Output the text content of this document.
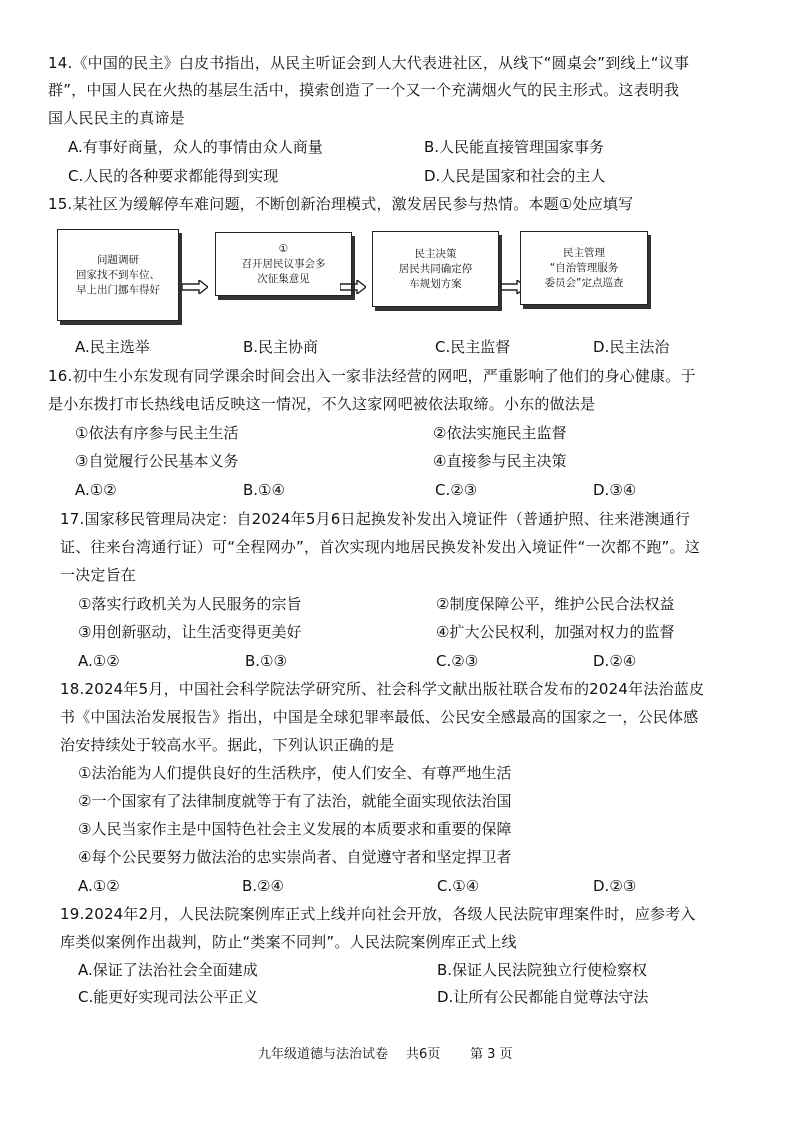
14.《中国的民主》白皮书指出，从民主听证会到人大代表进社区，从线下“圆桌会”到线上“议事
群”，中国人民在火热的基层生活中，摸索创造了一个又一个充满烟火气的民主形式。这表明我
国人民民主的真谛是
A.有事好商量，众人的事情由众人商量	B.人民能直接管理国家事务
C.人民的各种要求都能得到实现	D.人民是国家和社会的主人
15.某社区为缓解停车难问题，不断创新治理模式，激发居民参与热情。本题①处应填写
问题调研
回家找不到车位、
早上出门挪车得好
①
召开居民议事会多
次征集意见
民主决策
居民共同确定停
车规划方案
民主管理
“自治管理服务
委员会”定点巡查
A.民主选举	B.民主协商	C.民主监督	D.民主法治
16.初中生小东发现有同学课余时间会出入一家非法经营的网吧，严重影响了他们的身心健康。于
是小东拨打市长热线电话反映这一情况，不久这家网吧被依法取缔。小东的做法是
①依法有序参与民主生活	②依法实施民主监督
③自觉履行公民基本义务	④直接参与民主决策
A.①②	B.①④	C.②③	D.③④
17.国家移民管理局决定：自2024年5月6日起换发补发出入境证件（普通护照、往来港澳通行
证、往来台湾通行证）可“全程网办”，首次实现内地居民换发补发出入境证件“一次都不跑”。这
一决定旨在
①落实行政机关为人民服务的宗旨	②制度保障公平，维护公民合法权益
③用创新驱动，让生活变得更美好	④扩大公民权利，加强对权力的监督
A.①②	B.①③	C.②③	D.②④
18.2024年5月，中国社会科学院法学研究所、社会科学文献出版社联合发布的2024年法治蓝皮
书《中国法治发展报告》指出，中国是全球犯罪率最低、公民安全感最高的国家之一，公民体感
治安持续处于较高水平。据此，下列认识正确的是
①法治能为人们提供良好的生活秩序，使人们安全、有尊严地生活
②一个国家有了法律制度就等于有了法治，就能全面实现依法治国
③人民当家作主是中国特色社会主义发展的本质要求和重要的保障
④每个公民要努力做法治的忠实崇尚者、自觉遵守者和坚定捍卫者
A.①②	B.②④	C.①④	D.②③
19.2024年2月，人民法院案例库正式上线并向社会开放，各级人民法院审理案件时，应参考入
库类似案例作出裁判，防止“类案不同判”。人民法院案例库正式上线
A.保证了法治社会全面建成	B.保证人民法院独立行使检察权
C.能更好实现司法公平正义	D.让所有公民都能自觉尊法守法
九年级道德与法治试卷 共6页 第 3 页
